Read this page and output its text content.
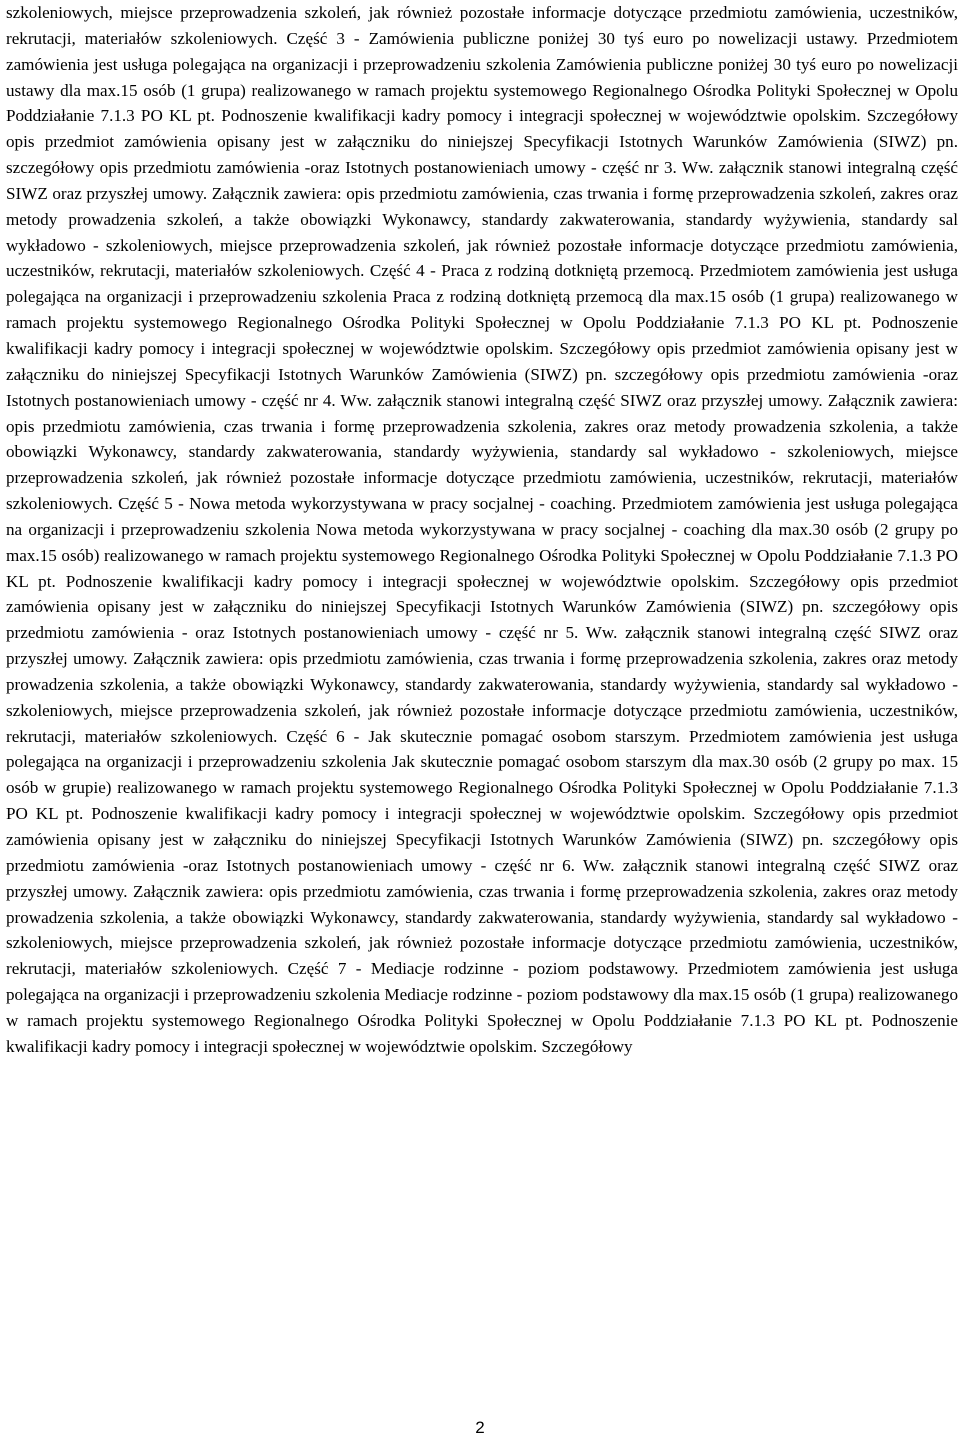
szkoleniowych, miejsce przeprowadzenia szkoleń, jak również pozostałe informacje dotyczące przedmiotu zamówienia, uczestników, rekrutacji, materiałów szkoleniowych. Część 3 - Zamówienia publiczne poniżej 30 tyś euro po nowelizacji ustawy. Przedmiotem zamówienia jest usługa polegająca na organizacji i przeprowadzeniu szkolenia Zamówienia publiczne poniżej 30 tyś euro po nowelizacji ustawy dla max.15 osób (1 grupa) realizowanego w ramach projektu systemowego Regionalnego Ośrodka Polityki Społecznej w Opolu Poddziałanie 7.1.3 PO KL pt. Podnoszenie kwalifikacji kadry pomocy i integracji społecznej w województwie opolskim. Szczegółowy opis przedmiot zamówienia opisany jest w załączniku do niniejszej Specyfikacji Istotnych Warunków Zamówienia (SIWZ) pn. szczegółowy opis przedmiotu zamówienia -oraz Istotnych postanowieniach umowy - część nr 3. Ww. załącznik stanowi integralną część SIWZ oraz przyszłej umowy. Załącznik zawiera: opis przedmiotu zamówienia, czas trwania i formę przeprowadzenia szkoleń, zakres oraz metody prowadzenia szkoleń, a także obowiązki Wykonawcy, standardy zakwaterowania, standardy wyżywienia, standardy sal wykładowo - szkoleniowych, miejsce przeprowadzenia szkoleń, jak również pozostałe informacje dotyczące przedmiotu zamówienia, uczestników, rekrutacji, materiałów szkoleniowych. Część 4 - Praca z rodziną dotkniętą przemocą. Przedmiotem zamówienia jest usługa polegająca na organizacji i przeprowadzeniu szkolenia Praca z rodziną dotkniętą przemocą dla max.15 osób (1 grupa) realizowanego w ramach projektu systemowego Regionalnego Ośrodka Polityki Społecznej w Opolu Poddziałanie 7.1.3 PO KL pt. Podnoszenie kwalifikacji kadry pomocy i integracji społecznej w województwie opolskim. Szczegółowy opis przedmiot zamówienia opisany jest w załączniku do niniejszej Specyfikacji Istotnych Warunków Zamówienia (SIWZ) pn. szczegółowy opis przedmiotu zamówienia -oraz Istotnych postanowieniach umowy - część nr 4. Ww. załącznik stanowi integralną część SIWZ oraz przyszłej umowy. Załącznik zawiera: opis przedmiotu zamówienia, czas trwania i formę przeprowadzenia szkolenia, zakres oraz metody prowadzenia szkolenia, a także obowiązki Wykonawcy, standardy zakwaterowania, standardy wyżywienia, standardy sal wykładowo - szkoleniowych, miejsce przeprowadzenia szkoleń, jak również pozostałe informacje dotyczące przedmiotu zamówienia, uczestników, rekrutacji, materiałów szkoleniowych. Część 5 - Nowa metoda wykorzystywana w pracy socjalnej - coaching. Przedmiotem zamówienia jest usługa polegająca na organizacji i przeprowadzeniu szkolenia Nowa metoda wykorzystywana w pracy socjalnej - coaching dla max.30 osób (2 grupy po max.15 osób) realizowanego w ramach projektu systemowego Regionalnego Ośrodka Polityki Społecznej w Opolu Poddziałanie 7.1.3 PO KL pt. Podnoszenie kwalifikacji kadry pomocy i integracji społecznej w województwie opolskim. Szczegółowy opis przedmiot zamówienia opisany jest w załączniku do niniejszej Specyfikacji Istotnych Warunków Zamówienia (SIWZ) pn. szczegółowy opis przedmiotu zamówienia - oraz Istotnych postanowieniach umowy - część nr 5. Ww. załącznik stanowi integralną część SIWZ oraz przyszłej umowy. Załącznik zawiera: opis przedmiotu zamówienia, czas trwania i formę przeprowadzenia szkolenia, zakres oraz metody prowadzenia szkolenia, a także obowiązki Wykonawcy, standardy zakwaterowania, standardy wyżywienia, standardy sal wykładowo - szkoleniowych, miejsce przeprowadzenia szkoleń, jak również pozostałe informacje dotyczące przedmiotu zamówienia, uczestników, rekrutacji, materiałów szkoleniowych. Część 6 - Jak skutecznie pomagać osobom starszym. Przedmiotem zamówienia jest usługa polegająca na organizacji i przeprowadzeniu szkolenia Jak skutecznie pomagać osobom starszym dla max.30 osób (2 grupy po max. 15 osób w grupie) realizowanego w ramach projektu systemowego Regionalnego Ośrodka Polityki Społecznej w Opolu Poddziałanie 7.1.3 PO KL pt. Podnoszenie kwalifikacji kadry pomocy i integracji społecznej w województwie opolskim. Szczegółowy opis przedmiot zamówienia opisany jest w załączniku do niniejszej Specyfikacji Istotnych Warunków Zamówienia (SIWZ) pn. szczegółowy opis przedmiotu zamówienia -oraz Istotnych postanowieniach umowy - część nr 6. Ww. załącznik stanowi integralną część SIWZ oraz przyszłej umowy. Załącznik zawiera: opis przedmiotu zamówienia, czas trwania i formę przeprowadzenia szkolenia, zakres oraz metody prowadzenia szkolenia, a także obowiązki Wykonawcy, standardy zakwaterowania, standardy wyżywienia, standardy sal wykładowo - szkoleniowych, miejsce przeprowadzenia szkoleń, jak również pozostałe informacje dotyczące przedmiotu zamówienia, uczestników, rekrutacji, materiałów szkoleniowych. Część 7 - Mediacje rodzinne - poziom podstawowy. Przedmiotem zamówienia jest usługa polegająca na organizacji i przeprowadzeniu szkolenia Mediacje rodzinne - poziom podstawowy dla max.15 osób (1 grupa) realizowanego w ramach projektu systemowego Regionalnego Ośrodka Polityki Społecznej w Opolu Poddziałanie 7.1.3 PO KL pt. Podnoszenie kwalifikacji kadry pomocy i integracji społecznej w województwie opolskim. Szczegółowy

2
